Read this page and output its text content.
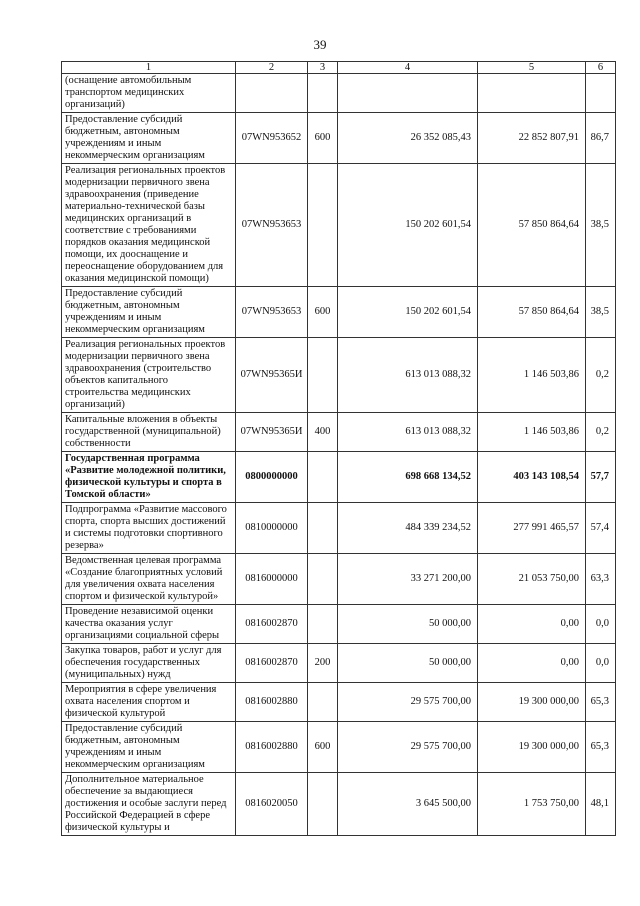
39
1	2	3	4	5	6
(оснащение автомобильным транспортом медицинских организаций)					
Предоставление субсидий бюджетным, автономным учреждениям и иным некоммерческим организациям	07WN953652	600	26 352 085,43	22 852 807,91	86,7
Реализация региональных проектов модернизации первичного звена здравоохранения (приведение материально-технической базы медицинских организаций в соответствие с требованиями порядков оказания медицинской помощи, их дооснащение и переоснащение оборудованием для оказания медицинской помощи)	07WN953653		150 202 601,54	57 850 864,64	38,5
Предоставление субсидий бюджетным, автономным учреждениям и иным некоммерческим организациям	07WN953653	600	150 202 601,54	57 850 864,64	38,5
Реализация региональных проектов модернизации первичного звена здравоохранения (строительство объектов капитального строительства медицинских организаций)	07WN95365И		613 013 088,32	1 146 503,86	0,2
Капитальные вложения в объекты государственной (муниципальной) собственности	07WN95365И	400	613 013 088,32	1 146 503,86	0,2
Государственная программа «Развитие молодежной политики, физической культуры и спорта в Томской области»	0800000000		698 668 134,52	403 143 108,54	57,7
Подпрограмма «Развитие массового спорта, спорта высших достижений и системы подготовки спортивного резерва»	0810000000		484 339 234,52	277 991 465,57	57,4
Ведомственная целевая программа «Создание благоприятных условий для увеличения охвата населения спортом и физической культурой»	0816000000		33 271 200,00	21 053 750,00	63,3
Проведение независимой оценки качества оказания услуг организациями социальной сферы	0816002870		50 000,00	0,00	0,0
Закупка товаров, работ и услуг для обеспечения государственных (муниципальных) нужд	0816002870	200	50 000,00	0,00	0,0
Мероприятия в сфере увеличения охвата населения спортом и физической культурой	0816002880		29 575 700,00	19 300 000,00	65,3
Предоставление субсидий бюджетным, автономным учреждениям и иным некоммерческим организациям	0816002880	600	29 575 700,00	19 300 000,00	65,3
Дополнительное материальное обеспечение за выдающиеся достижения и особые заслуги перед Российской Федерацией в сфере физической культуры и	0816020050		3 645 500,00	1 753 750,00	48,1
